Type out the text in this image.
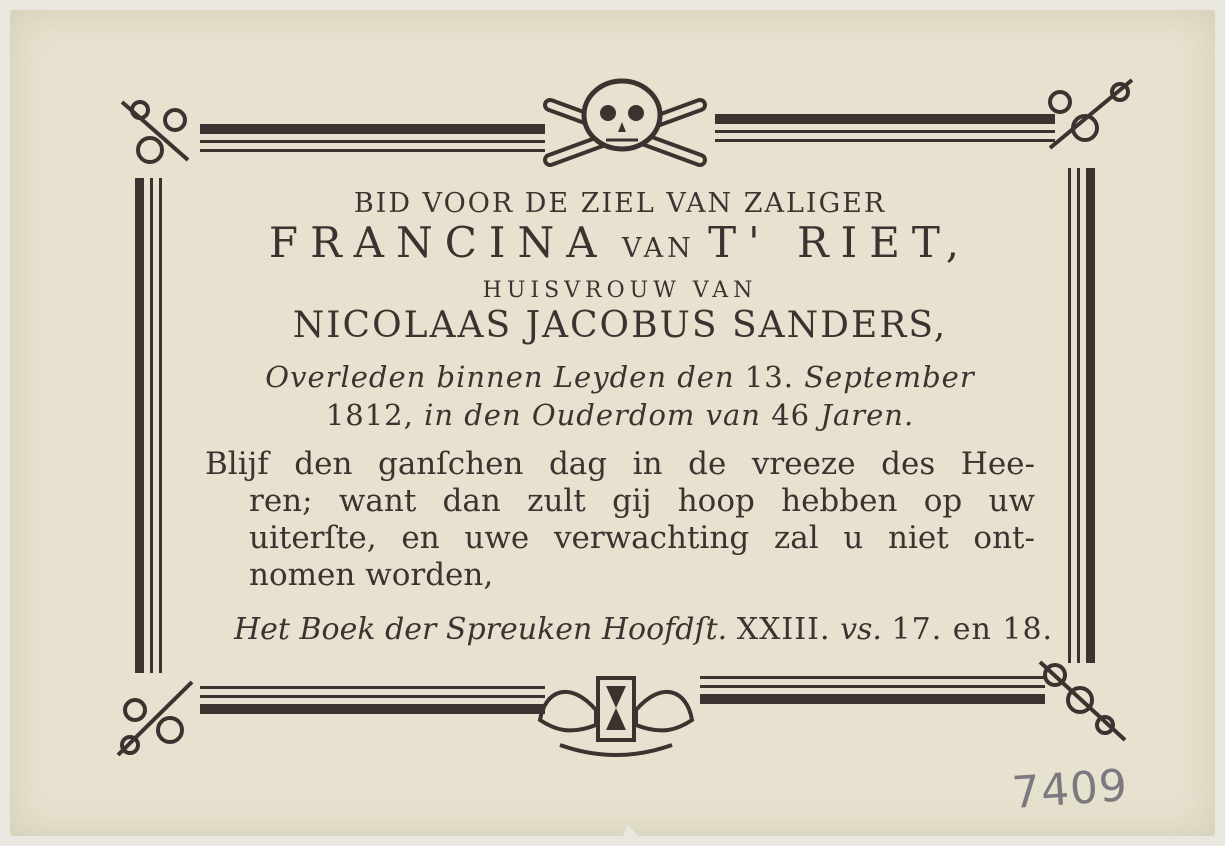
BID VOOR DE ZIEL VAN ZALIGER
FRANCINA VAN T' RIET,
HUISVROUW VAN
NICOLAAS JACOBUS SANDERS,
Overleden binnen Leyden den 13. September
1812, in den Ouderdom van 46 Jaren.
Blijf den ganſchen dag in de vreeze des Hee-
ren; want dan zult gij hoop hebben op uw
uiterſte, en uwe verwachting zal u niet ont-
nomen worden,
Het Boek der Spreuken Hoofdſt. XXIII. vs. 17. en 18.
7409
